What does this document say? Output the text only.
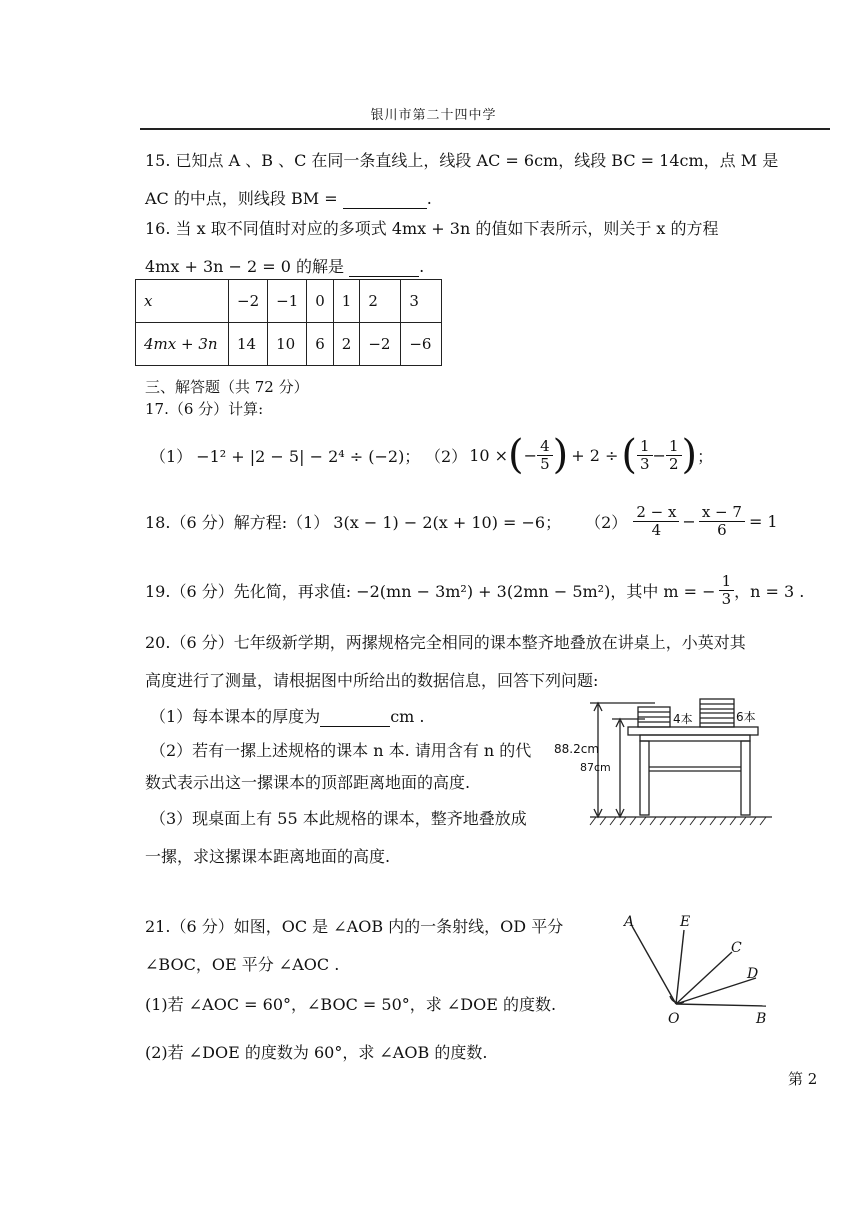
银川市第二十四中学
15. 已知点 A 、B 、C 在同一条直线上，线段 AC = 6cm，线段 BC = 14cm，点 M 是
AC 的中点，则线段 BM =	.
16. 当 x 取不同值时对应的多项式 4mx + 3n 的值如下表所示，则关于 x 的方程
4mx + 3n − 2 = 0 的解是	.
x	−2	−1	0	1	2	3
4mx + 3n	14	10	6	2	−2	−6
三、解答题（共 72 分）
17.（6 分）计算:
（1） −1² + |2 − 5| − 2⁴ ÷ (−2)； （2） 10 × ( − $\frac{4}{5}$ ) + 2 ÷ ( $\frac{1}{3} - \frac{1}{2}$ ) ；
18.（6 分）解方程:（1） 3(x − 1) − 2(x + 10) = −6； $(2) \frac{2 - x}{4} - \frac{x - 7}{6} = 1$
19.（6 分）先化简，再求值: −2(mn − 3m²) + 3(2mn − 5m²)，其中 m = − $\frac{1}{3}$ ，n = 3 .
20.（6 分）七年级新学期，两摞规格完全相同的课本整齐地叠放在讲桌上，小英对其
高度进行了测量，请根据图中所给出的数据信息，回答下列问题:
（1）每本课本的厚度为	cm .
（2）若有一摞上述规格的课本 n 本. 请用含有 n 的代
数式表示出这一摞课本的顶部距离地面的高度.
（3）现桌面上有 55 本此规格的课本，整齐地叠放成
一摞，求这摞课本距离地面的高度.
4本	6本
88.2cm
87cm
21.（6 分）如图，OC 是 ∠AOB 内的一条射线，OD 平分
∠BOC，OE 平分 ∠AOC .
(1)若 ∠AOC = 60°，∠BOC = 50°，求 ∠DOE 的度数.
(2)若 ∠DOE 的度数为 60°，求 ∠AOB 的度数.
A	E
C
D
O	B
第 2
